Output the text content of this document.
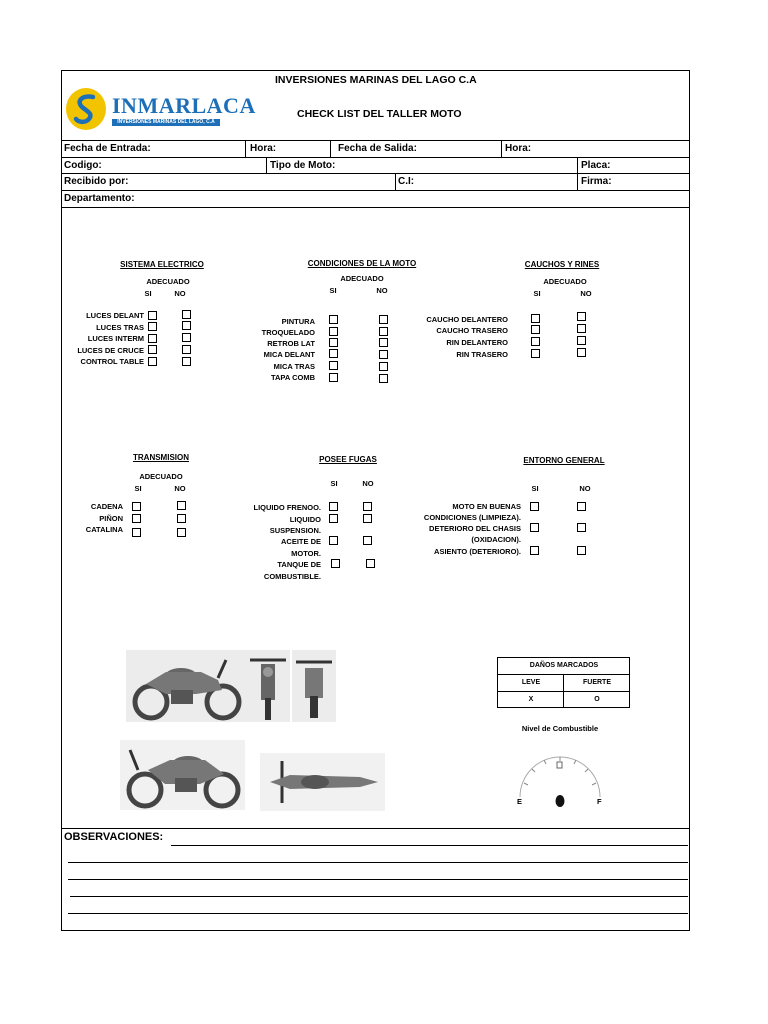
INMARLACA
INVERSIONES MARINAS DEL LAGO, C.A
INVERSIONES MARINAS DEL LAGO C.A
CHECK LIST DEL TALLER MOTO
Fecha de Entrada:	Hora:	Fecha de Salida:	Hora:
Codigo:	Tipo de Moto:	Placa:
Recibido por:	C.I:	Firma:
Departamento:
SISTEMA ELECTRICO
ADECUADO
SI	NO
LUCES DELANT
LUCES TRAS
LUCES INTERM
LUCES DE CRUCE
CONTROL TABLE
CONDICIONES DE LA MOTO
ADECUADO
SI	NO
PINTURA
TROQUELADO
RETROB LAT
MICA DELANT
MICA TRAS
TAPA COMB
CAUCHOS Y RINES
ADECUADO
SI	NO
CAUCHO DELANTERO
CAUCHO TRASERO
RIN DELANTERO
RIN TRASERO
TRANSMISION
ADECUADO
SI	NO
CADENA
PIÑON
CATALINA
POSEE FUGAS
SI	NO
LIQUIDO FRENOO.
LIQUIDO
SUSPENSION.
ACEITE DE
MOTOR.
TANQUE DE
COMBUSTIBLE.
ENTORNO GENERAL
SI	NO
MOTO EN BUENAS
CONDICIONES (LIMPIEZA).
DETERIORO DEL CHASIS
(OXIDACION).
ASIENTO (DETERIORO).
DAÑOS MARCADOS
LEVE	FUERTE
X	O
Nivel de Combustible
E	F
OBSERVACIONES:
